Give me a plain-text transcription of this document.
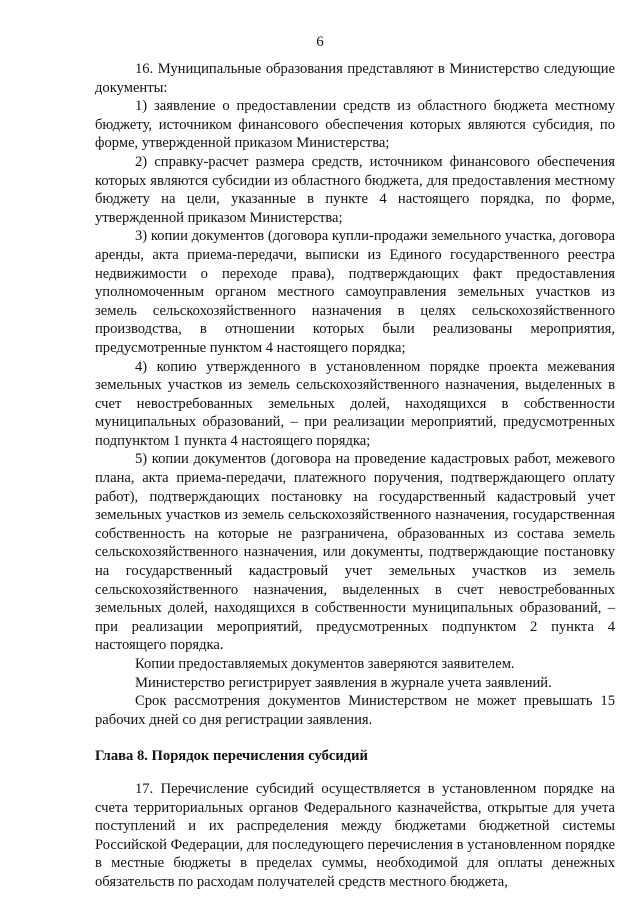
6

16. Муниципальные образования представляют в Министерство следующие документы:

1) заявление о предоставлении средств из областного бюджета местному бюджету, источником финансового обеспечения которых являются субсидия, по форме, утвержденной приказом Министерства;

2) справку-расчет размера средств, источником финансового обеспечения которых являются субсидии из областного бюджета, для предоставления местному бюджету на цели, указанные в пункте 4 настоящего порядка, по форме, утвержденной приказом Министерства;

3) копии документов (договора купли-продажи земельного участка, договора аренды, акта приема-передачи, выписки из Единого государственного реестра недвижимости о переходе права), подтверждающих факт предоставления уполномоченным органом местного самоуправления земельных участков из земель сельскохозяйственного назначения в целях сельскохозяйственного производства, в отношении которых были реализованы мероприятия, предусмотренные пунктом 4 настоящего порядка;

4) копию утвержденного в установленном порядке проекта межевания земельных участков из земель сельскохозяйственного назначения, выделенных в счет невостребованных земельных долей, находящихся в собственности муниципальных образований, – при реализации мероприятий, предусмотренных подпунктом 1 пункта 4 настоящего порядка;

5) копии документов (договора на проведение кадастровых работ, межевого плана, акта приема-передачи, платежного поручения, подтверждающего оплату работ), подтверждающих постановку на государственный кадастровый учет земельных участков из земель сельскохозяйственного назначения, государственная собственность на которые не разграничена, образованных из состава земель сельскохозяйственного назначения, или документы, подтверждающие постановку на государственный кадастровый учет земельных участков из земель сельскохозяйственного назначения, выделенных в счет невостребованных земельных долей, находящихся в собственности муниципальных образований, – при реализации мероприятий, предусмотренных подпунктом 2 пункта 4 настоящего порядка.

Копии предоставляемых документов заверяются заявителем.

Министерство регистрирует заявления в журнале учета заявлений.

Срок рассмотрения документов Министерством не может превышать 15 рабочих дней со дня регистрации заявления.

Глава 8. Порядок перечисления субсидий

17. Перечисление субсидий осуществляется в установленном порядке на счета территориальных органов Федерального казначейства, открытые для учета поступлений и их распределения между бюджетами бюджетной системы Российской Федерации, для последующего перечисления в установленном порядке в местные бюджеты в пределах суммы, необходимой для оплаты денежных обязательств по расходам получателей средств местного бюджета,
